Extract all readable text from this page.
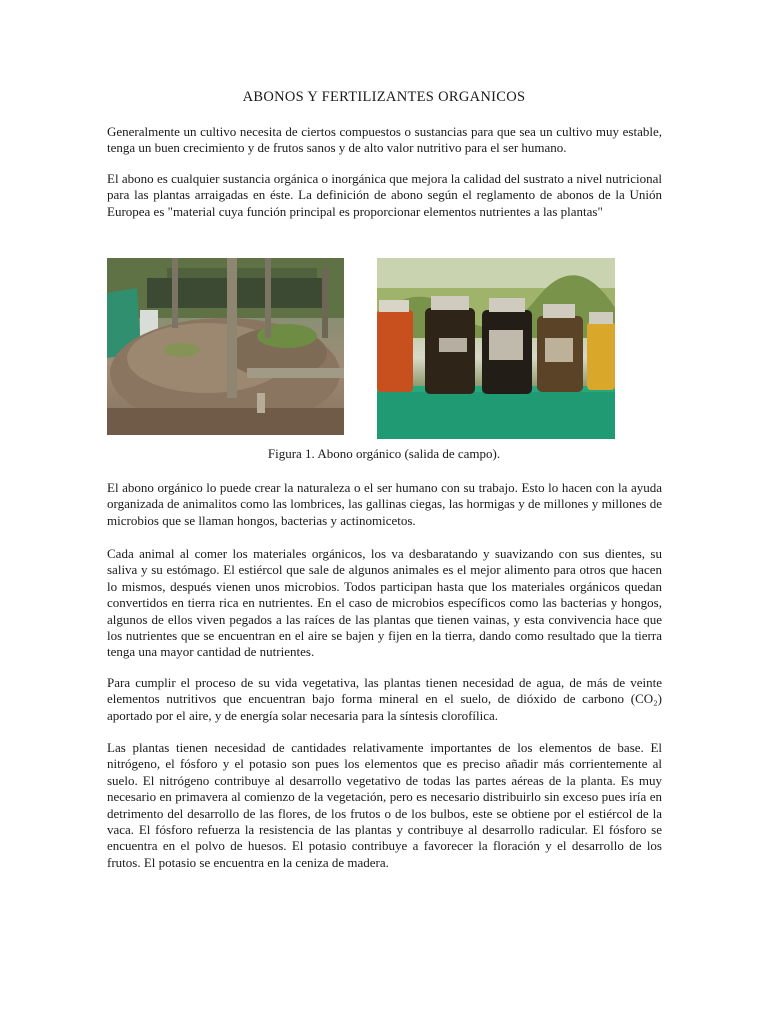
ABONOS Y FERTILIZANTES ORGANICOS

Generalmente un cultivo necesita de ciertos compuestos o sustancias para que sea un cultivo muy estable, tenga un buen crecimiento y de frutos sanos y de alto valor nutritivo para el ser humano.

El abono es cualquier sustancia orgánica o inorgánica que mejora la calidad del sustrato a nivel nutricional para las plantas arraigadas en éste. La definición de abono según el reglamento de abonos de la Unión Europea es "material cuya función principal es proporcionar elementos nutrientes a las plantas"

Figura 1. Abono orgánico (salida de campo).

El abono orgánico lo puede crear la naturaleza o el ser humano con su trabajo. Esto lo hacen con la ayuda organizada de animalitos como las lombrices, las gallinas ciegas, las hormigas y de millones y millones de microbios que se llaman hongos, bacterias y actinomicetos.

Cada animal al comer los materiales orgánicos, los va desbaratando y suavizando con sus dientes, su saliva y su estómago. El estiércol que sale de algunos animales es el mejor alimento para otros que hacen lo mismos, después vienen unos microbios. Todos participan hasta que los materiales orgánicos quedan convertidos en tierra rica en nutrientes. En el caso de microbios específicos como las bacterias y hongos, algunos de ellos viven pegados a las raíces de las plantas que tienen vainas, y esta convivencia hace que los nutrientes que se encuentran en el aire se bajen y fijen en la tierra, dando como resultado que la tierra tenga una mayor cantidad de nutrientes.

Para cumplir el proceso de su vida vegetativa, las plantas tienen necesidad de agua, de más de veinte elementos nutritivos que encuentran bajo forma mineral en el suelo, de dióxido de carbono (CO₂) aportado por el aire, y de energía solar necesaria para la síntesis clorofílica.

Las plantas tienen necesidad de cantidades relativamente importantes de los elementos de base. El nitrógeno, el fósforo y el potasio son pues los elementos que es preciso añadir más corrientemente al suelo. El nitrógeno contribuye al desarrollo vegetativo de todas las partes aéreas de la planta. Es muy necesario en primavera al comienzo de la vegetación, pero es necesario distribuirlo sin exceso pues iría en detrimento del desarrollo de las flores, de los frutos o de los bulbos, este se obtiene por el estiércol de la vaca. El fósforo refuerza la resistencia de las plantas y contribuye al desarrollo radicular. El fósforo se encuentra en el polvo de huesos. El potasio contribuye a favorecer la floración y el desarrollo de los frutos. El potasio se encuentra en la ceniza de madera.
